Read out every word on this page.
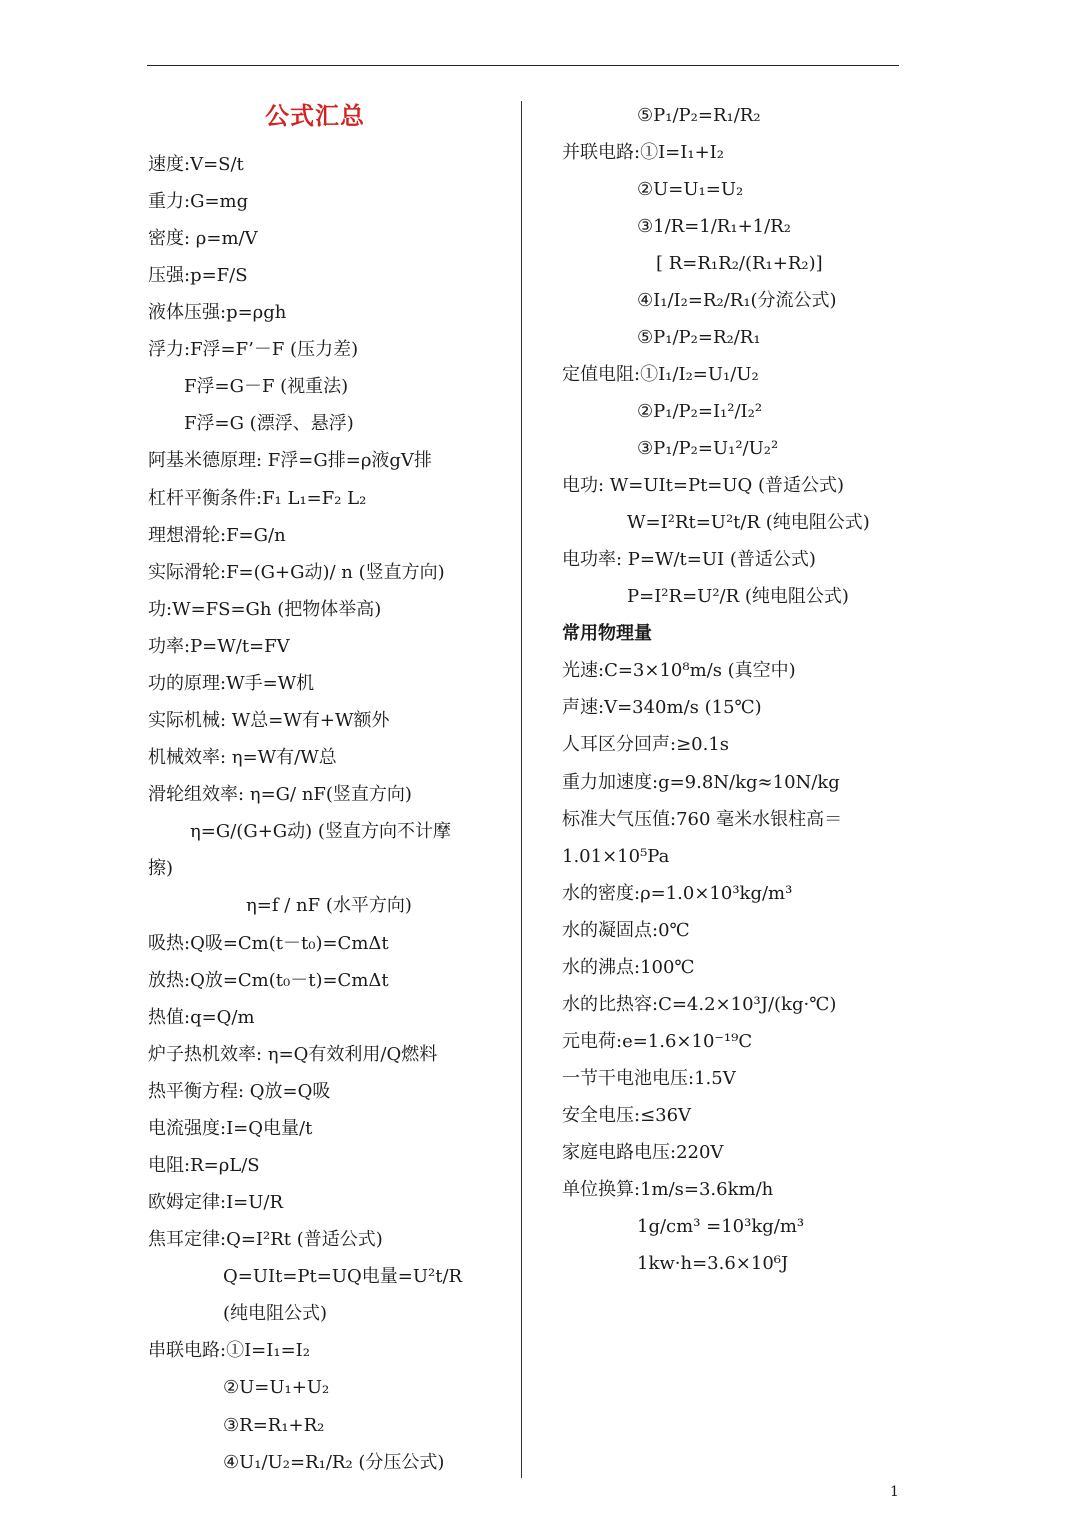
公式汇总
速度:V=S/t
重力:G=mg
密度: ρ=m/V
压强:p=F/S
液体压强:p=ρgh
浮力:F浮=F’－F (压力差)
F浮=G－F (视重法)
F浮=G (漂浮、悬浮)
阿基米德原理: F浮=G排=ρ液gV排
杠杆平衡条件:F₁ L₁=F₂ L₂
理想滑轮:F=G/n
实际滑轮:F=(G+G动)/ n (竖直方向)
功:W=FS=Gh (把物体举高)
功率:P=W/t=FV
功的原理:W手=W机
实际机械: W总=W有+W额外
机械效率: η=W有/W总
滑轮组效率: η=G/ nF(竖直方向)
η=G/(G+G动) (竖直方向不计摩
擦)
η=f / nF (水平方向)
吸热:Q吸=Cm(t－t₀)=CmΔt
放热:Q放=Cm(t₀－t)=CmΔt
热值:q=Q/m
炉子热机效率: η=Q有效利用/Q燃料
热平衡方程: Q放=Q吸
电流强度:I=Q电量/t
电阻:R=ρL/S
欧姆定律:I=U/R
焦耳定律:Q=I²Rt (普适公式)
Q=UIt=Pt=UQ电量=U²t/R
(纯电阻公式)
串联电路:①I=I₁=I₂
②U=U₁+U₂
③R=R₁+R₂
④U₁/U₂=R₁/R₂ (分压公式)
⑤P₁/P₂=R₁/R₂
并联电路:①I=I₁+I₂
②U=U₁=U₂
③1/R=1/R₁+1/R₂
[ R=R₁R₂/(R₁+R₂)]
④I₁/I₂=R₂/R₁(分流公式)
⑤P₁/P₂=R₂/R₁
定值电阻:①I₁/I₂=U₁/U₂
②P₁/P₂=I₁²/I₂²
③P₁/P₂=U₁²/U₂²
电功: W=UIt=Pt=UQ (普适公式)
W=I²Rt=U²t/R (纯电阻公式)
电功率: P=W/t=UI (普适公式)
P=I²R=U²/R (纯电阻公式)
常用物理量
光速:C=3×10⁸m/s (真空中)
声速:V=340m/s (15℃)
人耳区分回声:≥0.1s
重力加速度:g=9.8N/kg≈10N/kg
标准大气压值:760 毫米水银柱高＝
1.01×10⁵Pa
水的密度:ρ=1.0×10³kg/m³
水的凝固点:0℃
水的沸点:100℃
水的比热容:C=4.2×10³J/(kg·℃)
元电荷:e=1.6×10⁻¹⁹C
一节干电池电压:1.5V
安全电压:≤36V
家庭电路电压:220V
单位换算:1m/s=3.6km/h
1g/cm³ =10³kg/m³
1kw·h=3.6×10⁶J
1
